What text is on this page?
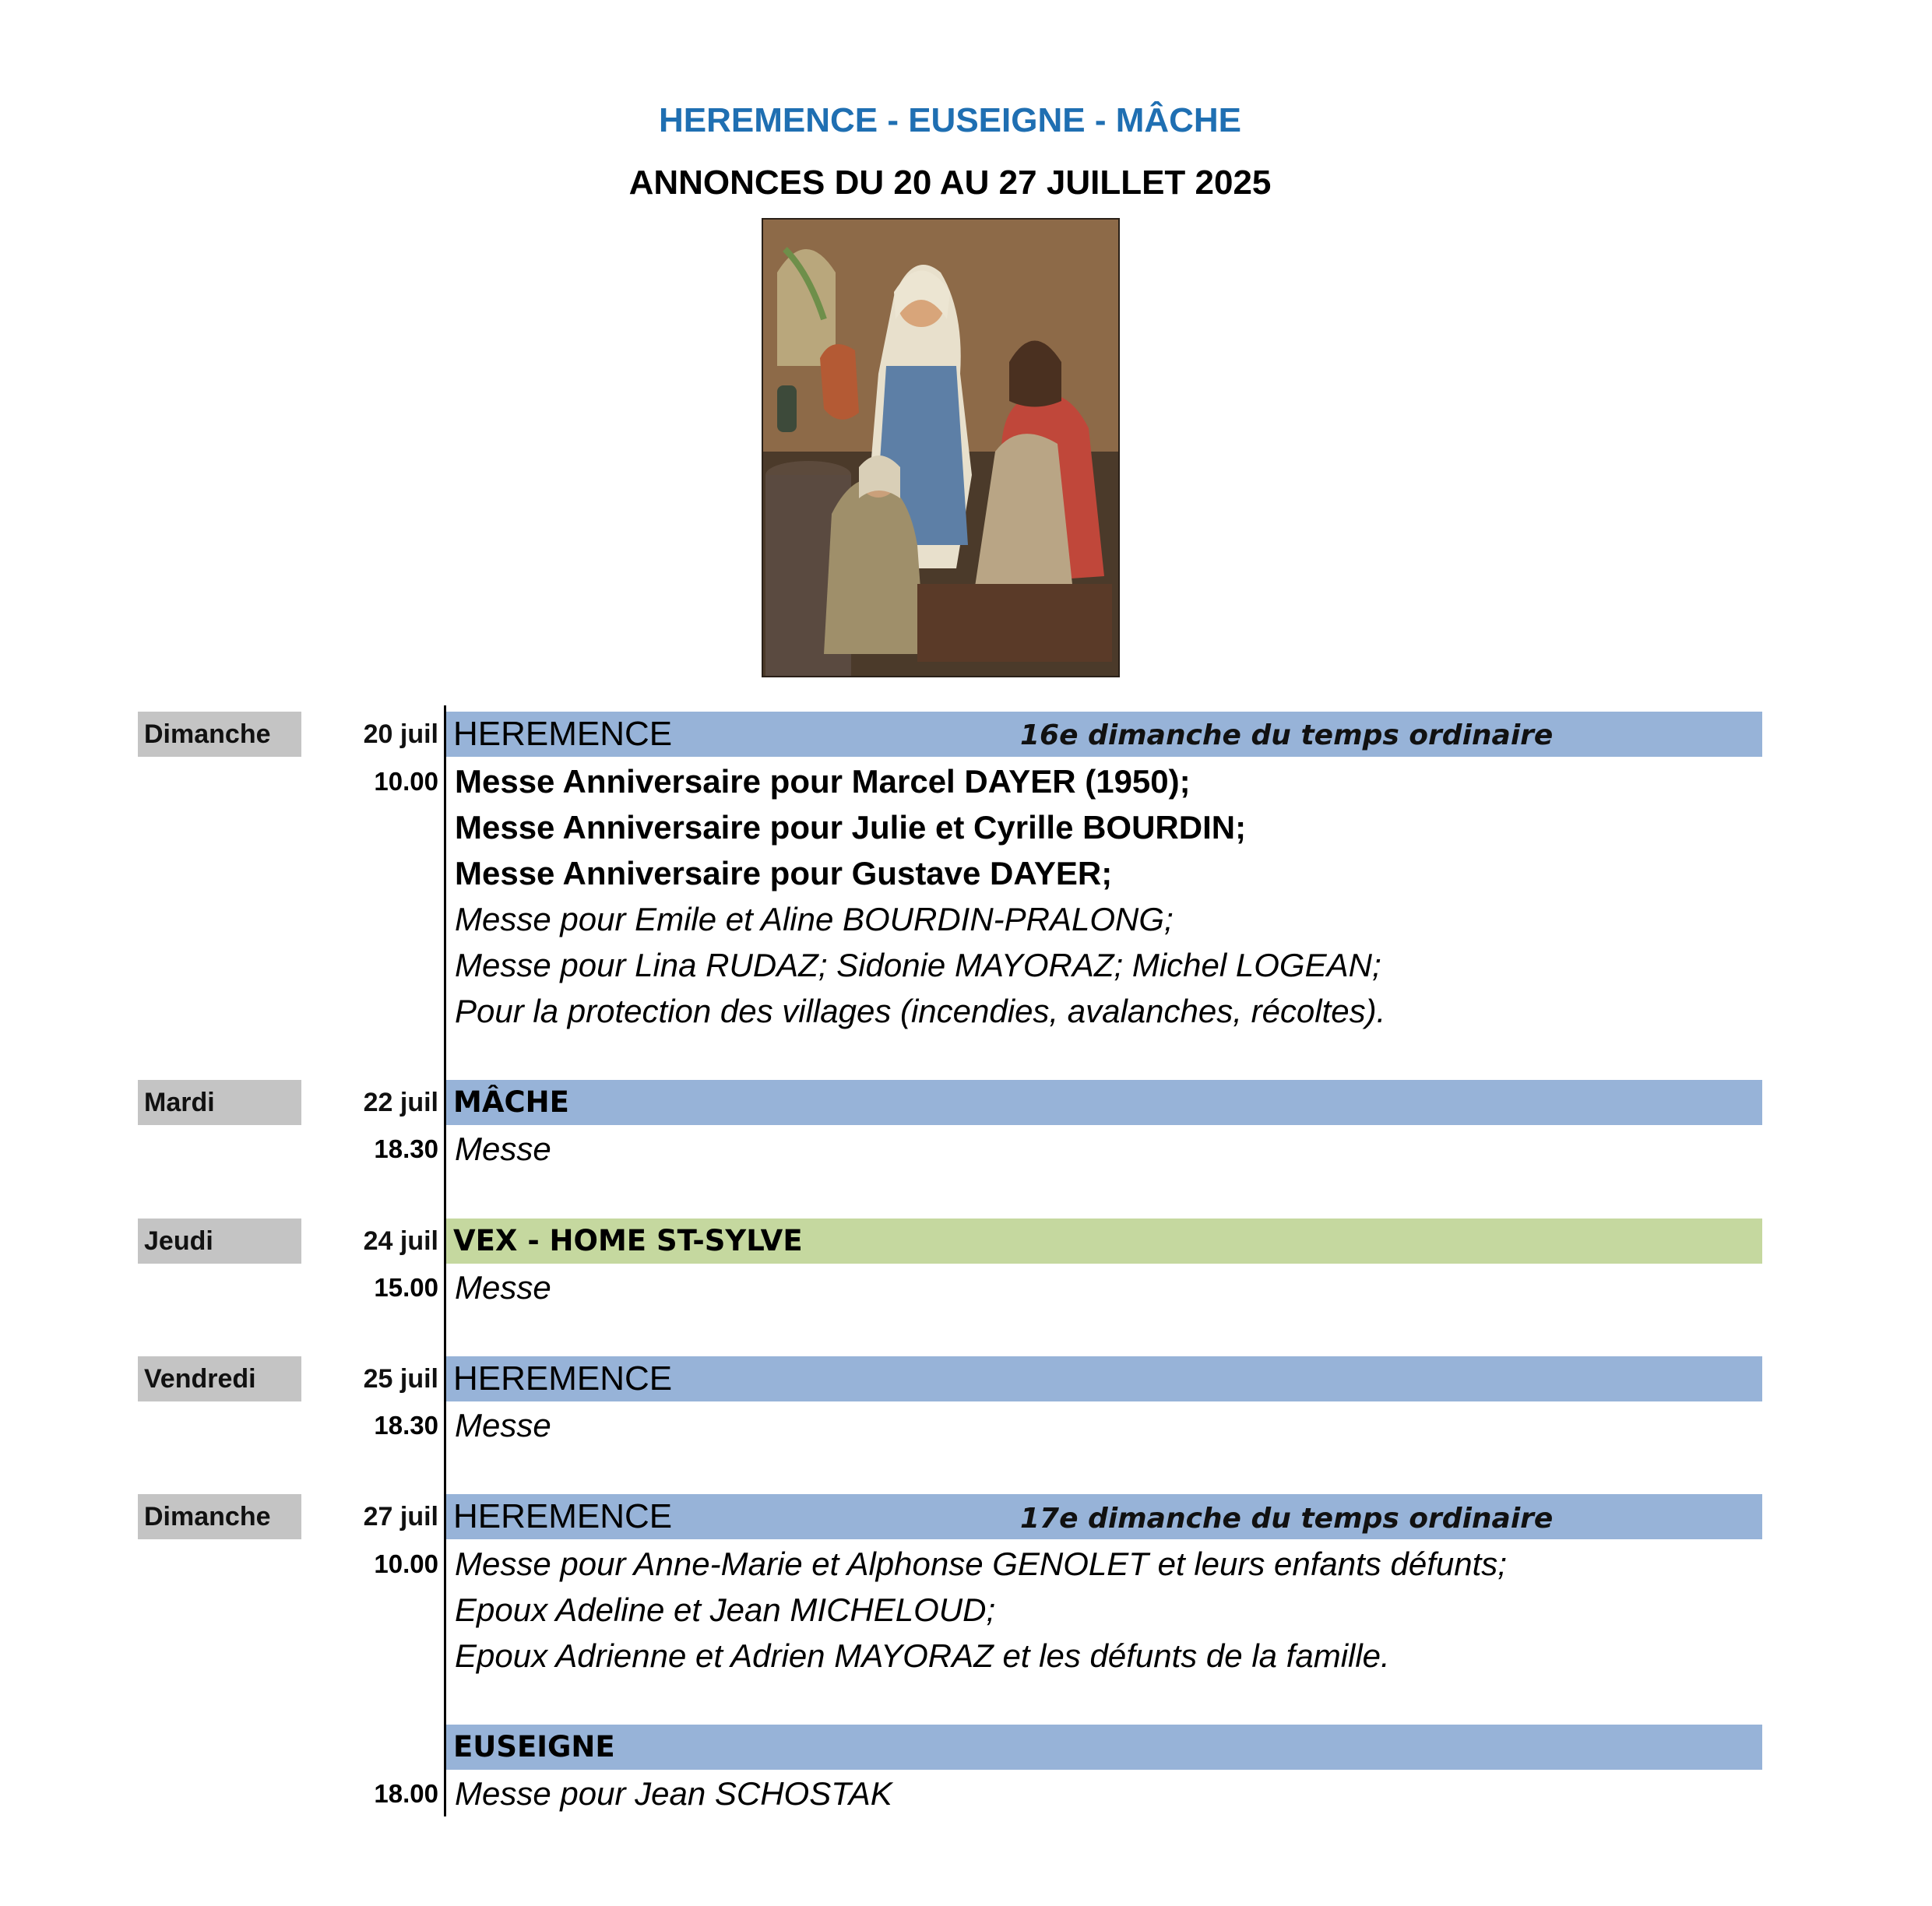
HEREMENCE - EUSEIGNE - MÂCHE
ANNONCES DU 20 AU 27 JUILLET 2025
Dimanche	20 juil HEREMENCE	16e dimanche du temps ordinaire
10.00 Messe Anniversaire pour Marcel DAYER (1950);
Messe Anniversaire pour Julie et Cyrille BOURDIN;
Messe Anniversaire pour Gustave DAYER;
Messe pour Emile et Aline BOURDIN-PRALONG;
Messe pour Lina RUDAZ; Sidonie MAYORAZ; Michel LOGEAN;
Pour la protection des villages (incendies, avalanches, récoltes).
Mardi	22 juil MÂCHE
18.30 Messe
Jeudi	24 juil VEX - HOME ST-SYLVE
15.00 Messe
Vendredi	25 juil HEREMENCE
18.30 Messe
Dimanche	27 juil HEREMENCE	17e dimanche du temps ordinaire
10.00 Messe pour Anne-Marie et Alphonse GENOLET et leurs enfants défunts;
Epoux Adeline et Jean MICHELOUD;
Epoux Adrienne et Adrien MAYORAZ et les défunts de la famille.
EUSEIGNE
18.00 Messe pour Jean SCHOSTAK
